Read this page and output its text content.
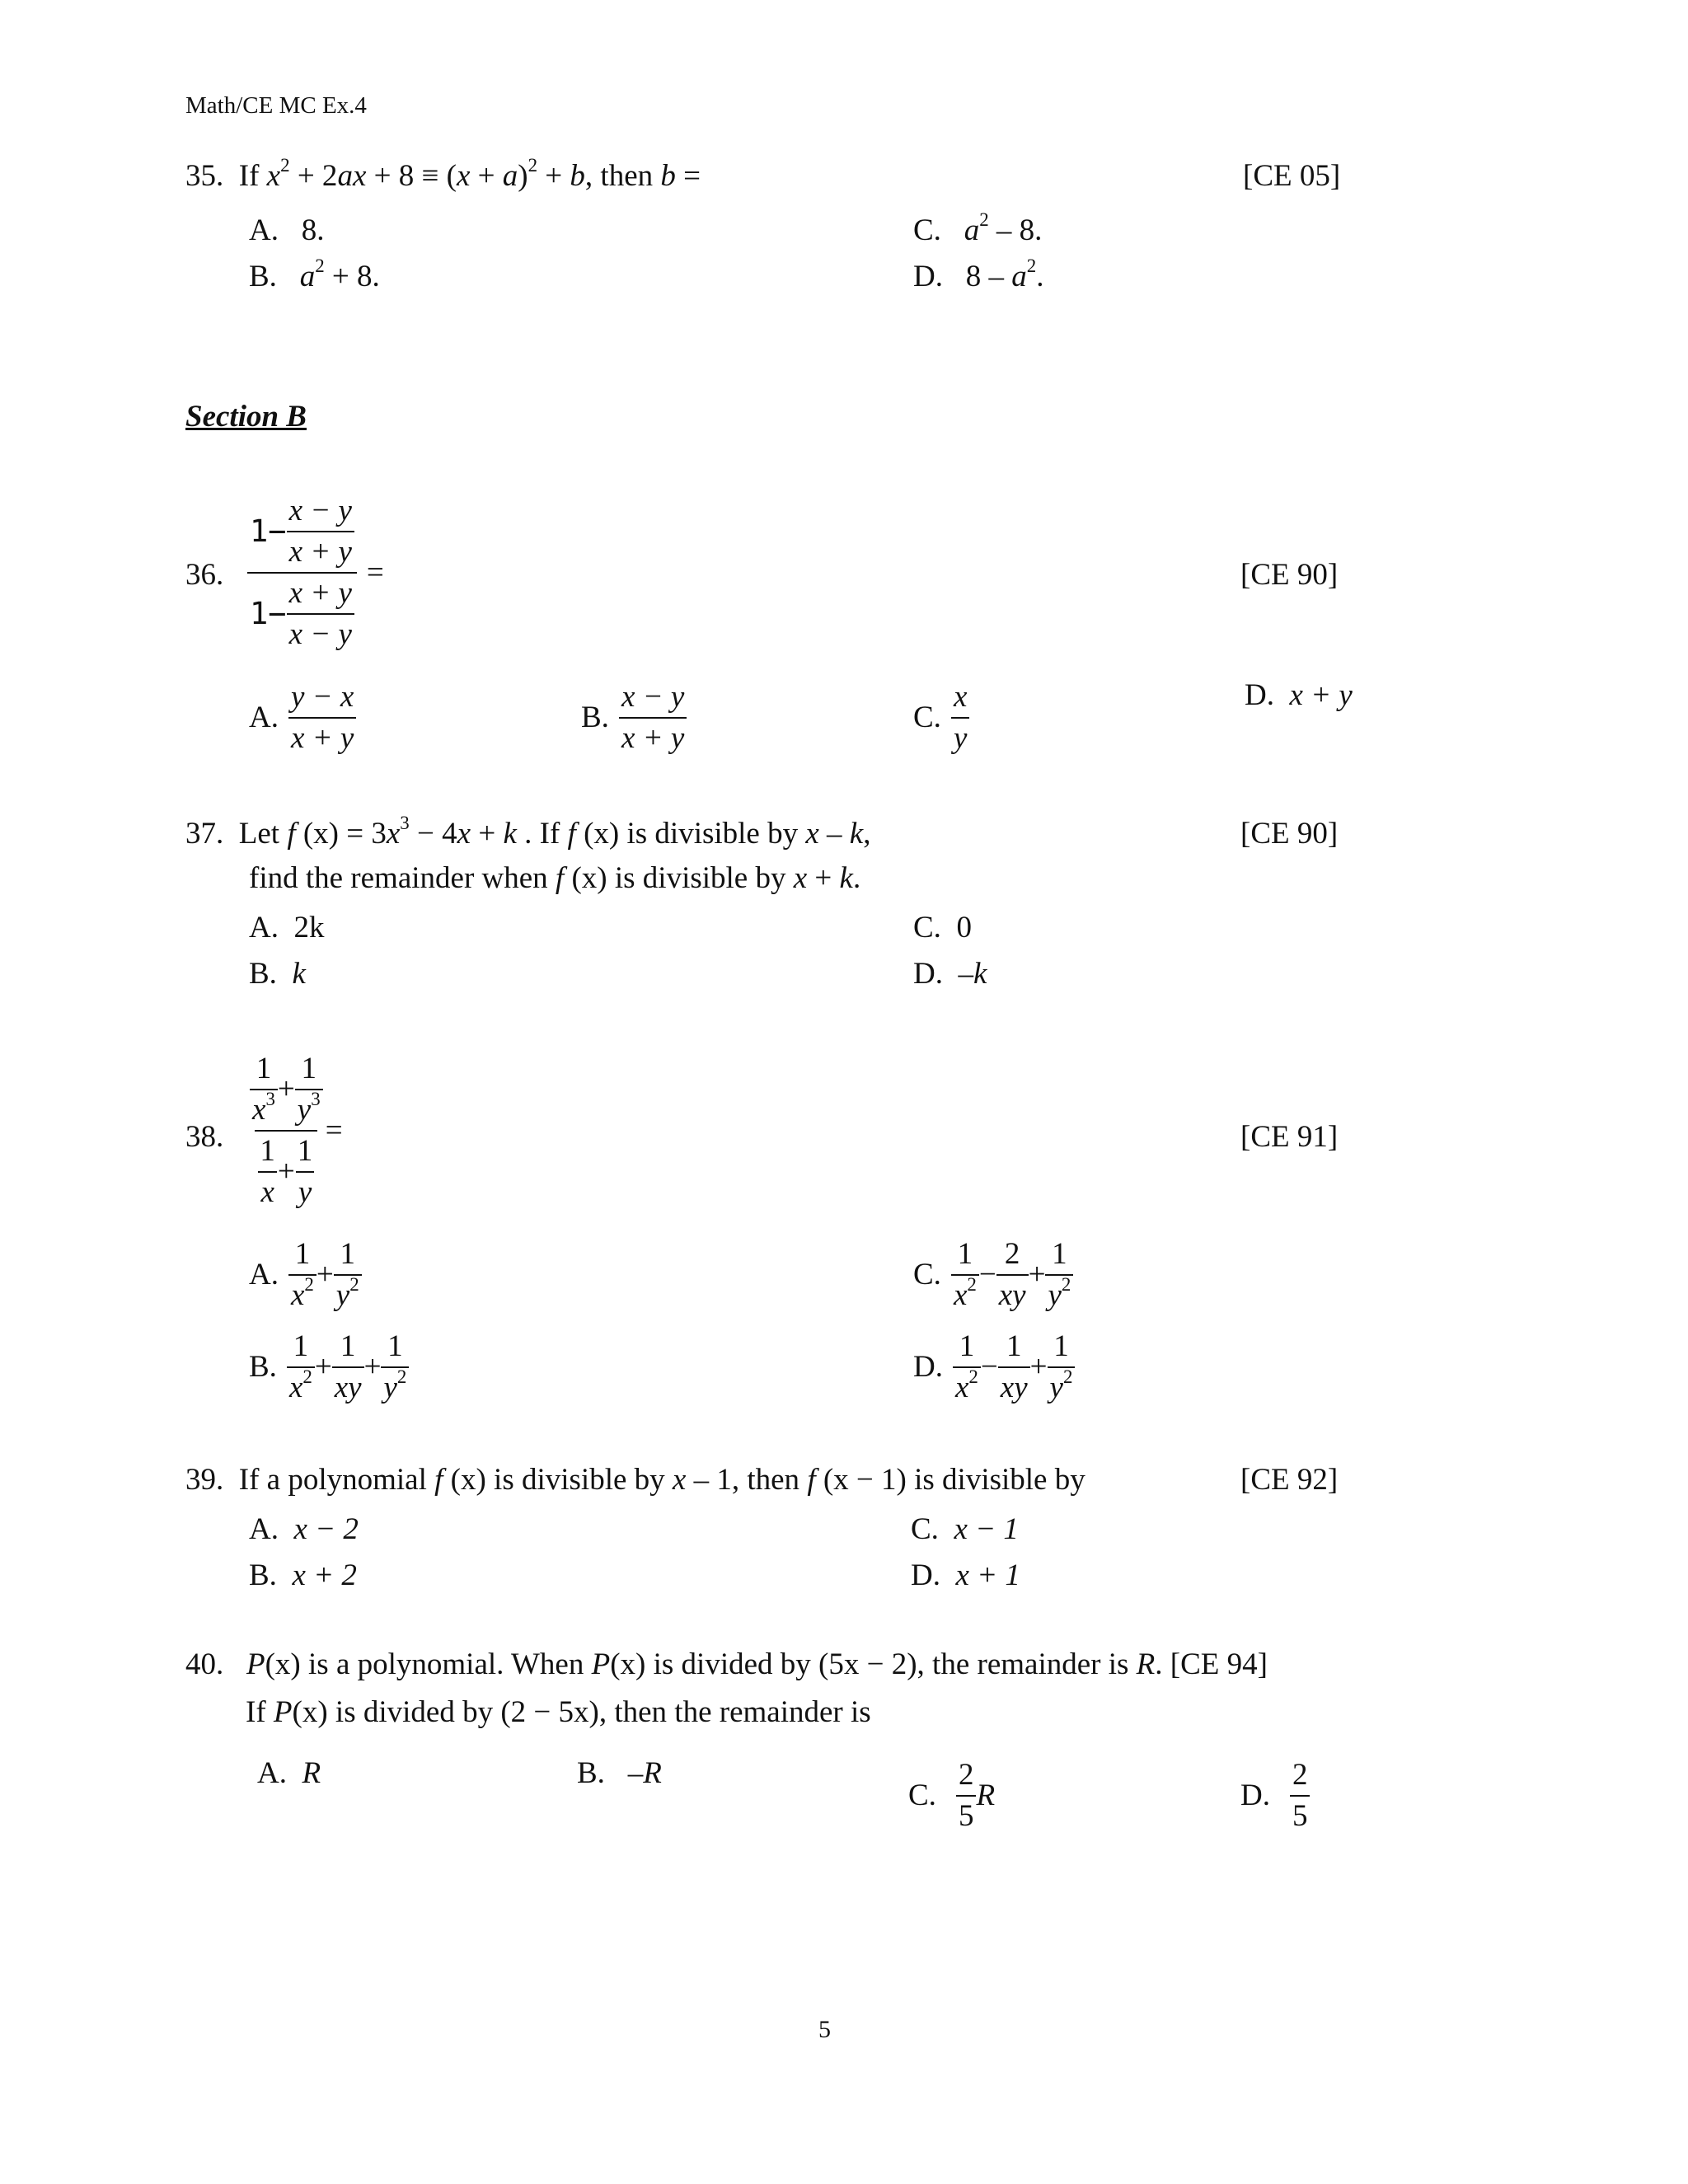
Math/CE MC Ex.4
35. If $x^2 + 2ax + 8 \equiv (x + a)^2 + b$, then b =	[CE 05]
A. 8.
B. $a^2 + 8$.
C. $a^2 - 8$.
D. $8 - a^2$.
Section B
36. $\frac{1- \frac{x - y}{x + y}}{1- \frac{x + y}{x - y}}$ =	[CE 90]
A. $\frac{y - x}{x + y}$	B. $\frac{x - y}{x + y}$	C. $\frac{x}{y}$	D. x + y
37. Let f $(x) = 3x^3 - 4x + k$ . If f (x) is divisible by x – k,	[CE 90]
find the remainder when f (x) is divisible by x + k.
A. 2k
B. k
C. 0
D. –k
38. $\frac{\frac{1}{x^3} + \frac{1}{y^3}}{\frac{1}{x} + \frac{1}{y}}$ =	[CE 91]
A. $\frac{1}{x^2} + \frac{1}{y^2}$
B. $\frac{1}{x^2} + \frac{1}{xy} + \frac{1}{y^2}$
C. $\frac{1}{x^2} - \frac{2}{xy} + \frac{1}{y^2}$
D. $\frac{1}{x^2} - \frac{1}{xy} + \frac{1}{y^2}$
39. If a polynomial f (x) is divisible by x – 1, then f (x − 1) is divisible by	[CE 92]
A. x − 2
B. x + 2
C. x − 1
D. x + 1
40. P(x) is a polynomial. When P(x) is divided by (5x − 2), the remainder is R. [CE 94]
If P(x) is divided by (2 − 5x), then the remainder is
A. R	B. –R
C. $\frac{2}{5}$ R	D. $\frac{2}{5}$
5
